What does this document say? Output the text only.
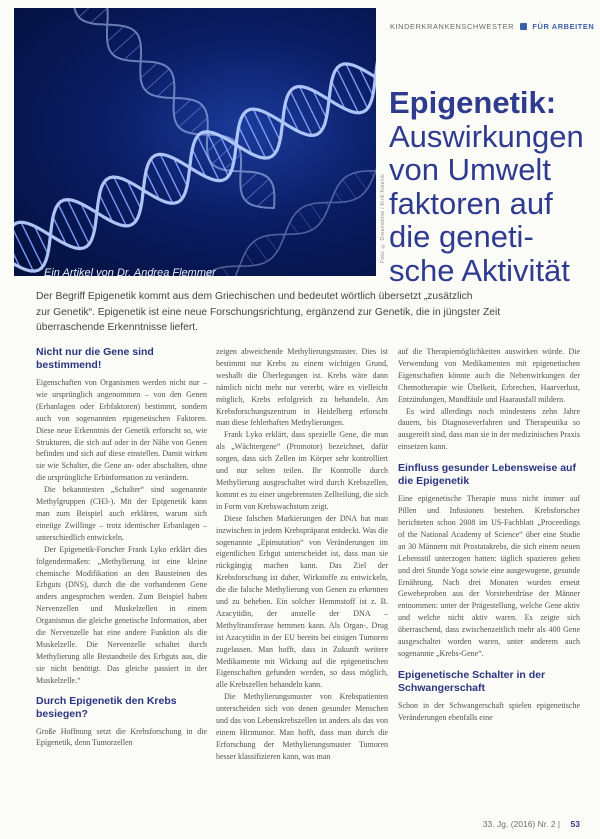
Ein Artikel von Dr. Andrea Flemmer
Foto: © Dreamstime / Kirill Kolenik
KINDERKRANKENSCHWESTER FÜR ARBEITEN
Epigenetik:
Auswirkungen
von Umwelt
faktoren auf
die geneti-
sche Aktivität

Der Begriff Epigenetik kommt aus dem Griechischen und bedeutet wörtlich übersetzt „zusätzlich
zur Genetik“. Epigenetik ist eine neue Forschungsrichtung, ergänzend zur Genetik, die in jüngster Zeit
überraschende Erkenntnisse liefert.

Nicht nur die Gene sind bestimmend!

Eigenschaften von Organismen werden nicht nur – wie ursprünglich angenommen – von den Genen (Erbanlagen oder Erbfaktoren) bestimmt, sondern auch von sogenannten epigenetischen Faktoren. Diese neue Erkenntnis der Genetik erforscht so, wie Strukturen, die sich auf oder in der Nähe von Genen befinden und sich auf diese einstellen. Damit wirken sie wie Schalter, die Gene an- oder abschalten, ohne die ursprüngliche Erbinformation zu verändern.

Die bekanntesten „Schalter“ sind sogenannte Methylgruppen (CH3-). Mit der Epigenetik kann man zum Beispiel auch erklären, warum sich eineiige Zwillinge – trotz identischer Erbanlagen – unterschiedlich entwickeln.

Der Epigenetik-Forscher Frank Lyko erklärt dies folgendermaßen: „Methylierung ist eine kleine chemische Modifikation an den Bausteinen des Erbguts (DNS), durch die die vorhandenen Gene anders angesprochen werden. Zum Beispiel haben Nervenzellen und Muskelzellen in einem Organismus die gleiche genetische Information, aber die Nervenzelle hat eine andere Funktion als die Muskelzelle. Die Nervenzelle schaltet durch Methylierung alle Bestandteile des Erbguts aus, die sie nicht benötigt. Das gleiche passiert in der Muskelzelle.“

Durch Epigenetik den Krebs besiegen?

Große Hoffnung setzt die Krebsforschung in die Epigenetik, denn Tumorzellen

zeigen abweichende Methylierungsmuster. Dies ist bestimmt nur Krebs zu einem wichtigen Grund, weshalb die Überlegungen ist. Krebs wäre dann nämlich nicht mehr nur vererbt, wäre es vielleicht möglich, Krebs erfolgreich zu behandeln. Am Krebsforschungszentrum in Heidelberg erforscht man diese fehlerhaften Methylierungen.

Frank Lyko erklärt, dass spezielle Gene, die man als „Wächtergene“ (Promotor) bezeichnet, dafür sorgen, dass sich Zellen im Körper sehr kontrolliert und nur selten teilen. Ihr Kontrolle durch Methylierung ausgeschaltet wird durch Krebszellen, kommt es zu einer ungebremsten Zellteilung, die sich in Form von Krebswachstum zeigt.

Diese falschen Markierungen der DNA hat man inzwischen in jedem Krebspräparat entdeckt. Was die sogenannte „Epimutation“ von Veränderungen im eigentlichen Erbgut unterscheidet ist, dass man sie rückgängig machen kann. Das Ziel der Krebsforschung ist daher, Wirkstoffe zu entwickeln, die die falsche Methylierung von Genen zu erkennen und zu beheben. Ein solcher Hemmstoff ist z. B. Azacytidin, der anstelle der DNA – Methyltransferase hemmen kann. Als Organ-, Drug ist Azacytidin in der EU bereits bei einigen Tumoren zugelassen. Man hofft, dass in Zukunft weitere Medikamente mit Wirkung auf die epigenetischen Eigenschaften gefunden werden, so dass möglich, alle Krebszellen behandeln kann.

Die Methylierungsmuster von Krebspatienten unterscheiden sich von denen gesunder Menschen und das von Lebenskrebszellen ist anders als das von einem Hirntumor. Man hofft, dass man durch die Erforschung der Methylierungsmuster Tumoren besser klassifizieren kann, was man

auf die Therapiemöglichkeiten auswirken würde. Die Verwendung von Medikamenten mit epigenetischen Eigenschaften könnte auch die Nebenwirkungen der Chemotherapie wie Übelkeit, Erbrechen, Haarverlust, Entzündungen, Mundfäule und Haarausfall mildern.

Es wird allerdings noch mindestens zehn Jahre dauern, bis Diagnoseverfahren und Therapeutika so ausgereift sind, dass man sie in der medizinischen Praxis einsetzen kann.

Einfluss gesunder Lebensweise auf die Epigenetik

Eine epigenetische Therapie muss nicht immer auf Pillen und Infusionen bestehen. Krebsforscher berichteten schon 2008 im US-Fachblatt „Proceedings of the National Academy of Science“ über eine Studie an 30 Männern mit Prostatakrebs, die sich einem neuen Lebensstil unterzogen hatten: täglich spazieren gehen und drei Stunde Yoga sowie eine ausgewogene, gesunde Ernährung. Nach drei Monaten wurden erneut Gewebeproben aus der Vorsteherdrüse der Männer entnommen: unter der Prägestellung, welche Gene aktiv und welche nicht aktiv waren. Es zeigte sich überraschend, dass zwischenzeitlich mehr als 400 Gene ausgeschaltet worden waren, unter anderem auch sogenannte „Krebs-Gene“.

Epigenetische Schalter in der Schwangerschaft

Schon in der Schwangerschaft spielen epigenetische Veränderungen ebenfalls eine

33. Jg. (2016) Nr. 2 | 53
